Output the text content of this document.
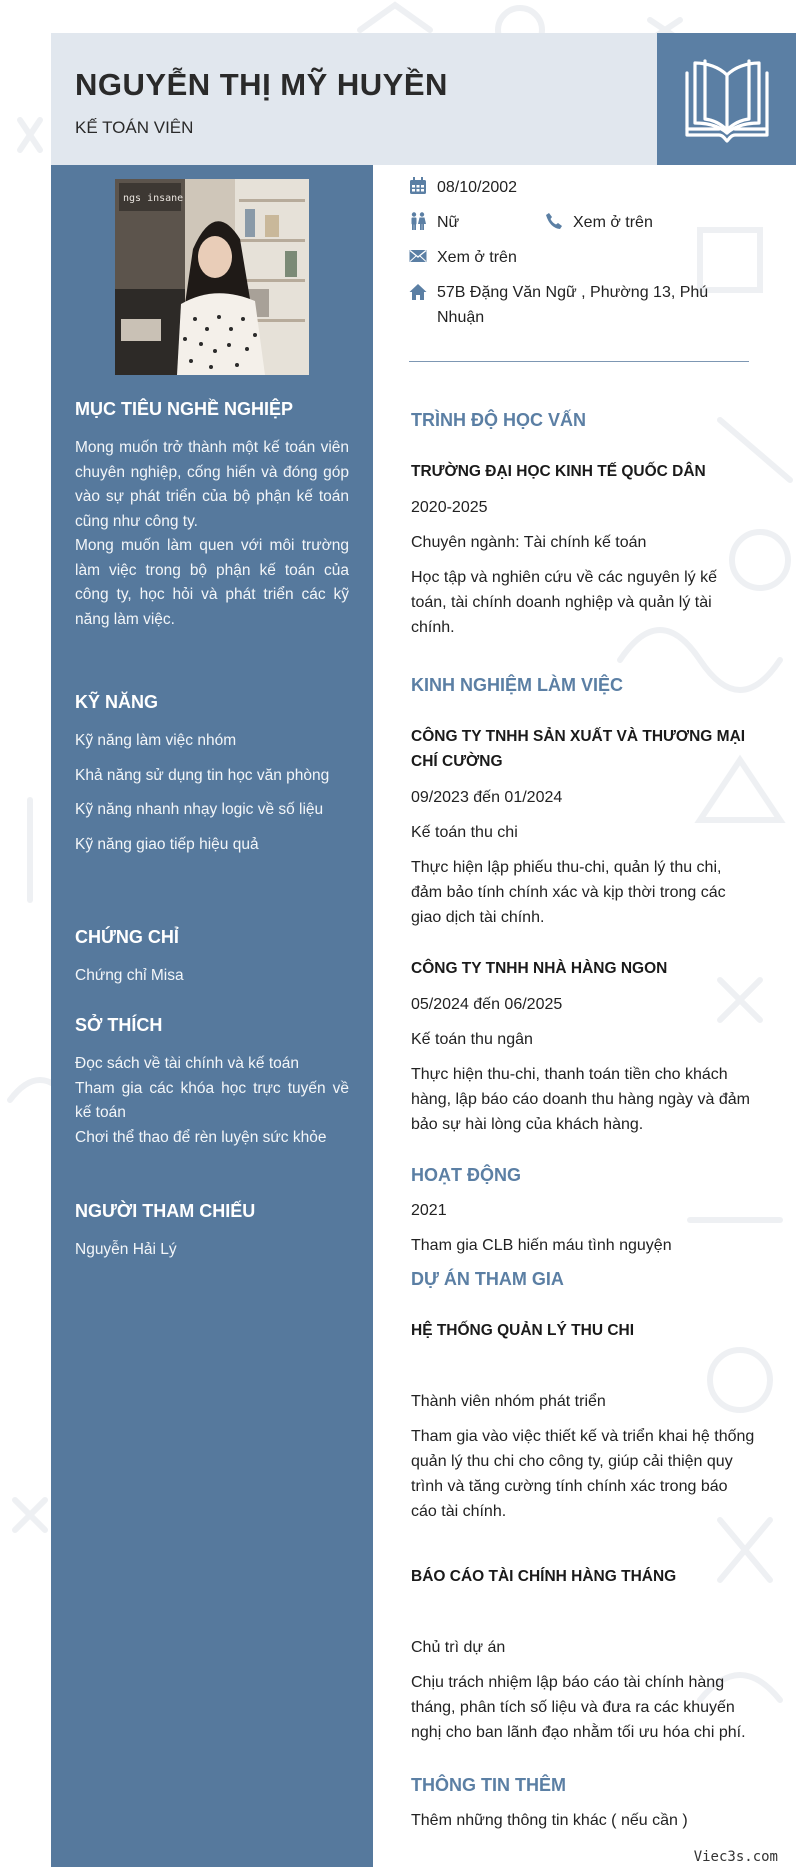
NGUYỄN THỊ MỸ HUYỀN
KẾ TOÁN VIÊN
ngs insane
MỤC TIÊU NGHỀ NGHIỆP
Mong muốn trở thành một kế toán viên chuyên nghiệp, cống hiến và đóng góp vào sự phát triển của bộ phận kế toán cũng như công ty.
Mong muốn làm quen với môi trường làm việc trong bộ phận kế toán của công ty, học hỏi và phát triển các kỹ năng làm việc.
KỸ NĂNG
Kỹ năng làm việc nhóm
Khả năng sử dụng tin học văn phòng
Kỹ năng nhanh nhạy logic về số liệu
Kỹ năng giao tiếp hiệu quả
CHỨNG CHỈ
Chứng chỉ Misa
SỞ THÍCH
Đọc sách về tài chính và kế toán
Tham gia các khóa học trực tuyến về kế toán
Chơi thể thao để rèn luyện sức khỏe
NGƯỜI THAM CHIẾU
Nguyễn Hải Lý
08/10/2002
Nữ	Xem ở trên
Xem ở trên
57B Đặng Văn Ngữ , Phường 13, Phú Nhuận
TRÌNH ĐỘ HỌC VẤN
TRƯỜNG ĐẠI HỌC KINH TẾ QUỐC DÂN
2020-2025
Chuyên ngành: Tài chính kế toán
Học tập và nghiên cứu về các nguyên lý kế toán, tài chính doanh nghiệp và quản lý tài chính.
KINH NGHIỆM LÀM VIỆC
CÔNG TY TNHH SẢN XUẤT VÀ THƯƠNG MẠI CHÍ CƯỜNG
09/2023 đến 01/2024
Kế toán thu chi
Thực hiện lập phiếu thu-chi, quản lý thu chi, đảm bảo tính chính xác và kịp thời trong các giao dịch tài chính.
CÔNG TY TNHH NHÀ HÀNG NGON
05/2024 đến 06/2025
Kế toán thu ngân
Thực hiện thu-chi, thanh toán tiền cho khách hàng, lập báo cáo doanh thu hàng ngày và đảm bảo sự hài lòng của khách hàng.
HOẠT ĐỘNG
2021
Tham gia CLB hiến máu tình nguyện
DỰ ÁN THAM GIA
HỆ THỐNG QUẢN LÝ THU CHI
Thành viên nhóm phát triển
Tham gia vào việc thiết kế và triển khai hệ thống quản lý thu chi cho công ty, giúp cải thiện quy trình và tăng cường tính chính xác trong báo cáo tài chính.
BÁO CÁO TÀI CHÍNH HÀNG THÁNG
Chủ trì dự án
Chịu trách nhiệm lập báo cáo tài chính hàng tháng, phân tích số liệu và đưa ra các khuyến nghị cho ban lãnh đạo nhằm tối ưu hóa chi phí.
THÔNG TIN THÊM
Thêm những thông tin khác ( nếu cần )
Viec3s.com
